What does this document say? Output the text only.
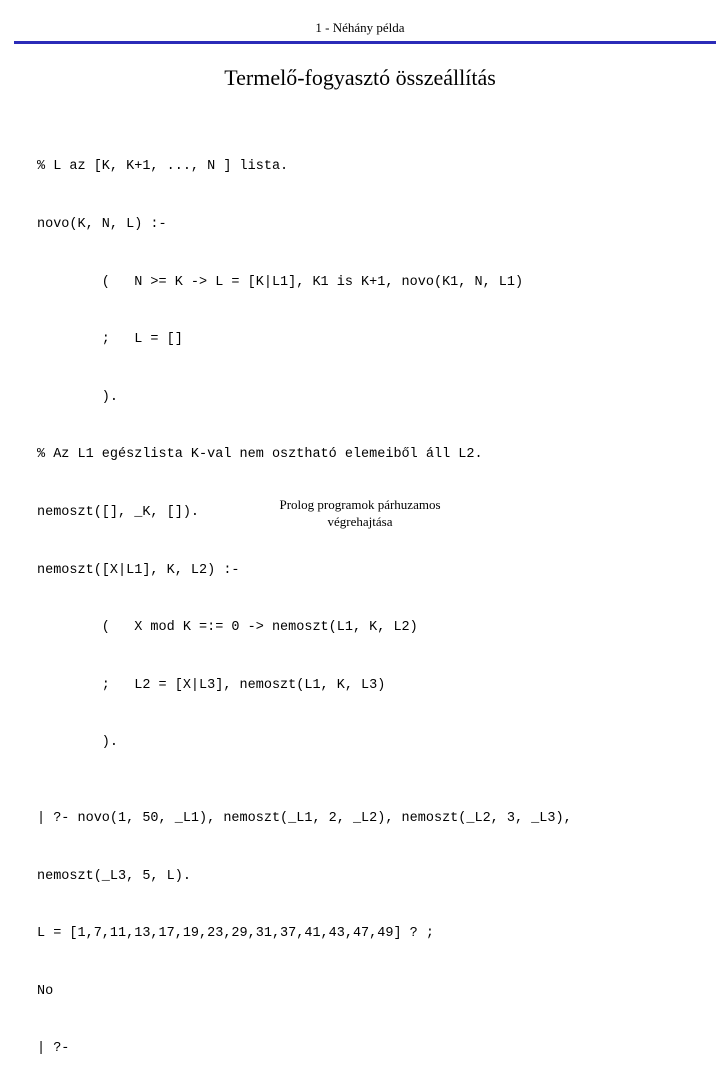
1 - Néhány példa
Termelő-fogyasztó összeállítás

% L az [K, K+1, ..., N ] lista.

novo(K, N, L) :-

(   N >= K -> L = [K|L1], K1 is K+1, novo(K1, N, L1)

;   L = []

).

% Az L1 egészlista K-val nem osztható elemeiből áll L2.

nemoszt([], _K, []).

nemoszt([X|L1], K, L2) :-

(   X mod K =:= 0 -> nemoszt(L1, K, L2)

;   L2 = [X|L3], nemoszt(L1, K, L3)

).

| ?- novo(1, 50, _L1), nemoszt(_L1, 2, _L2), nemoszt(_L2, 3, _L3),

nemoszt(_L3, 5, L).

L = [1,7,11,13,17,19,23,29,31,37,41,43,47,49] ? ;

No

| ?-

Prolog programok párhuzamos
végrehajtása
